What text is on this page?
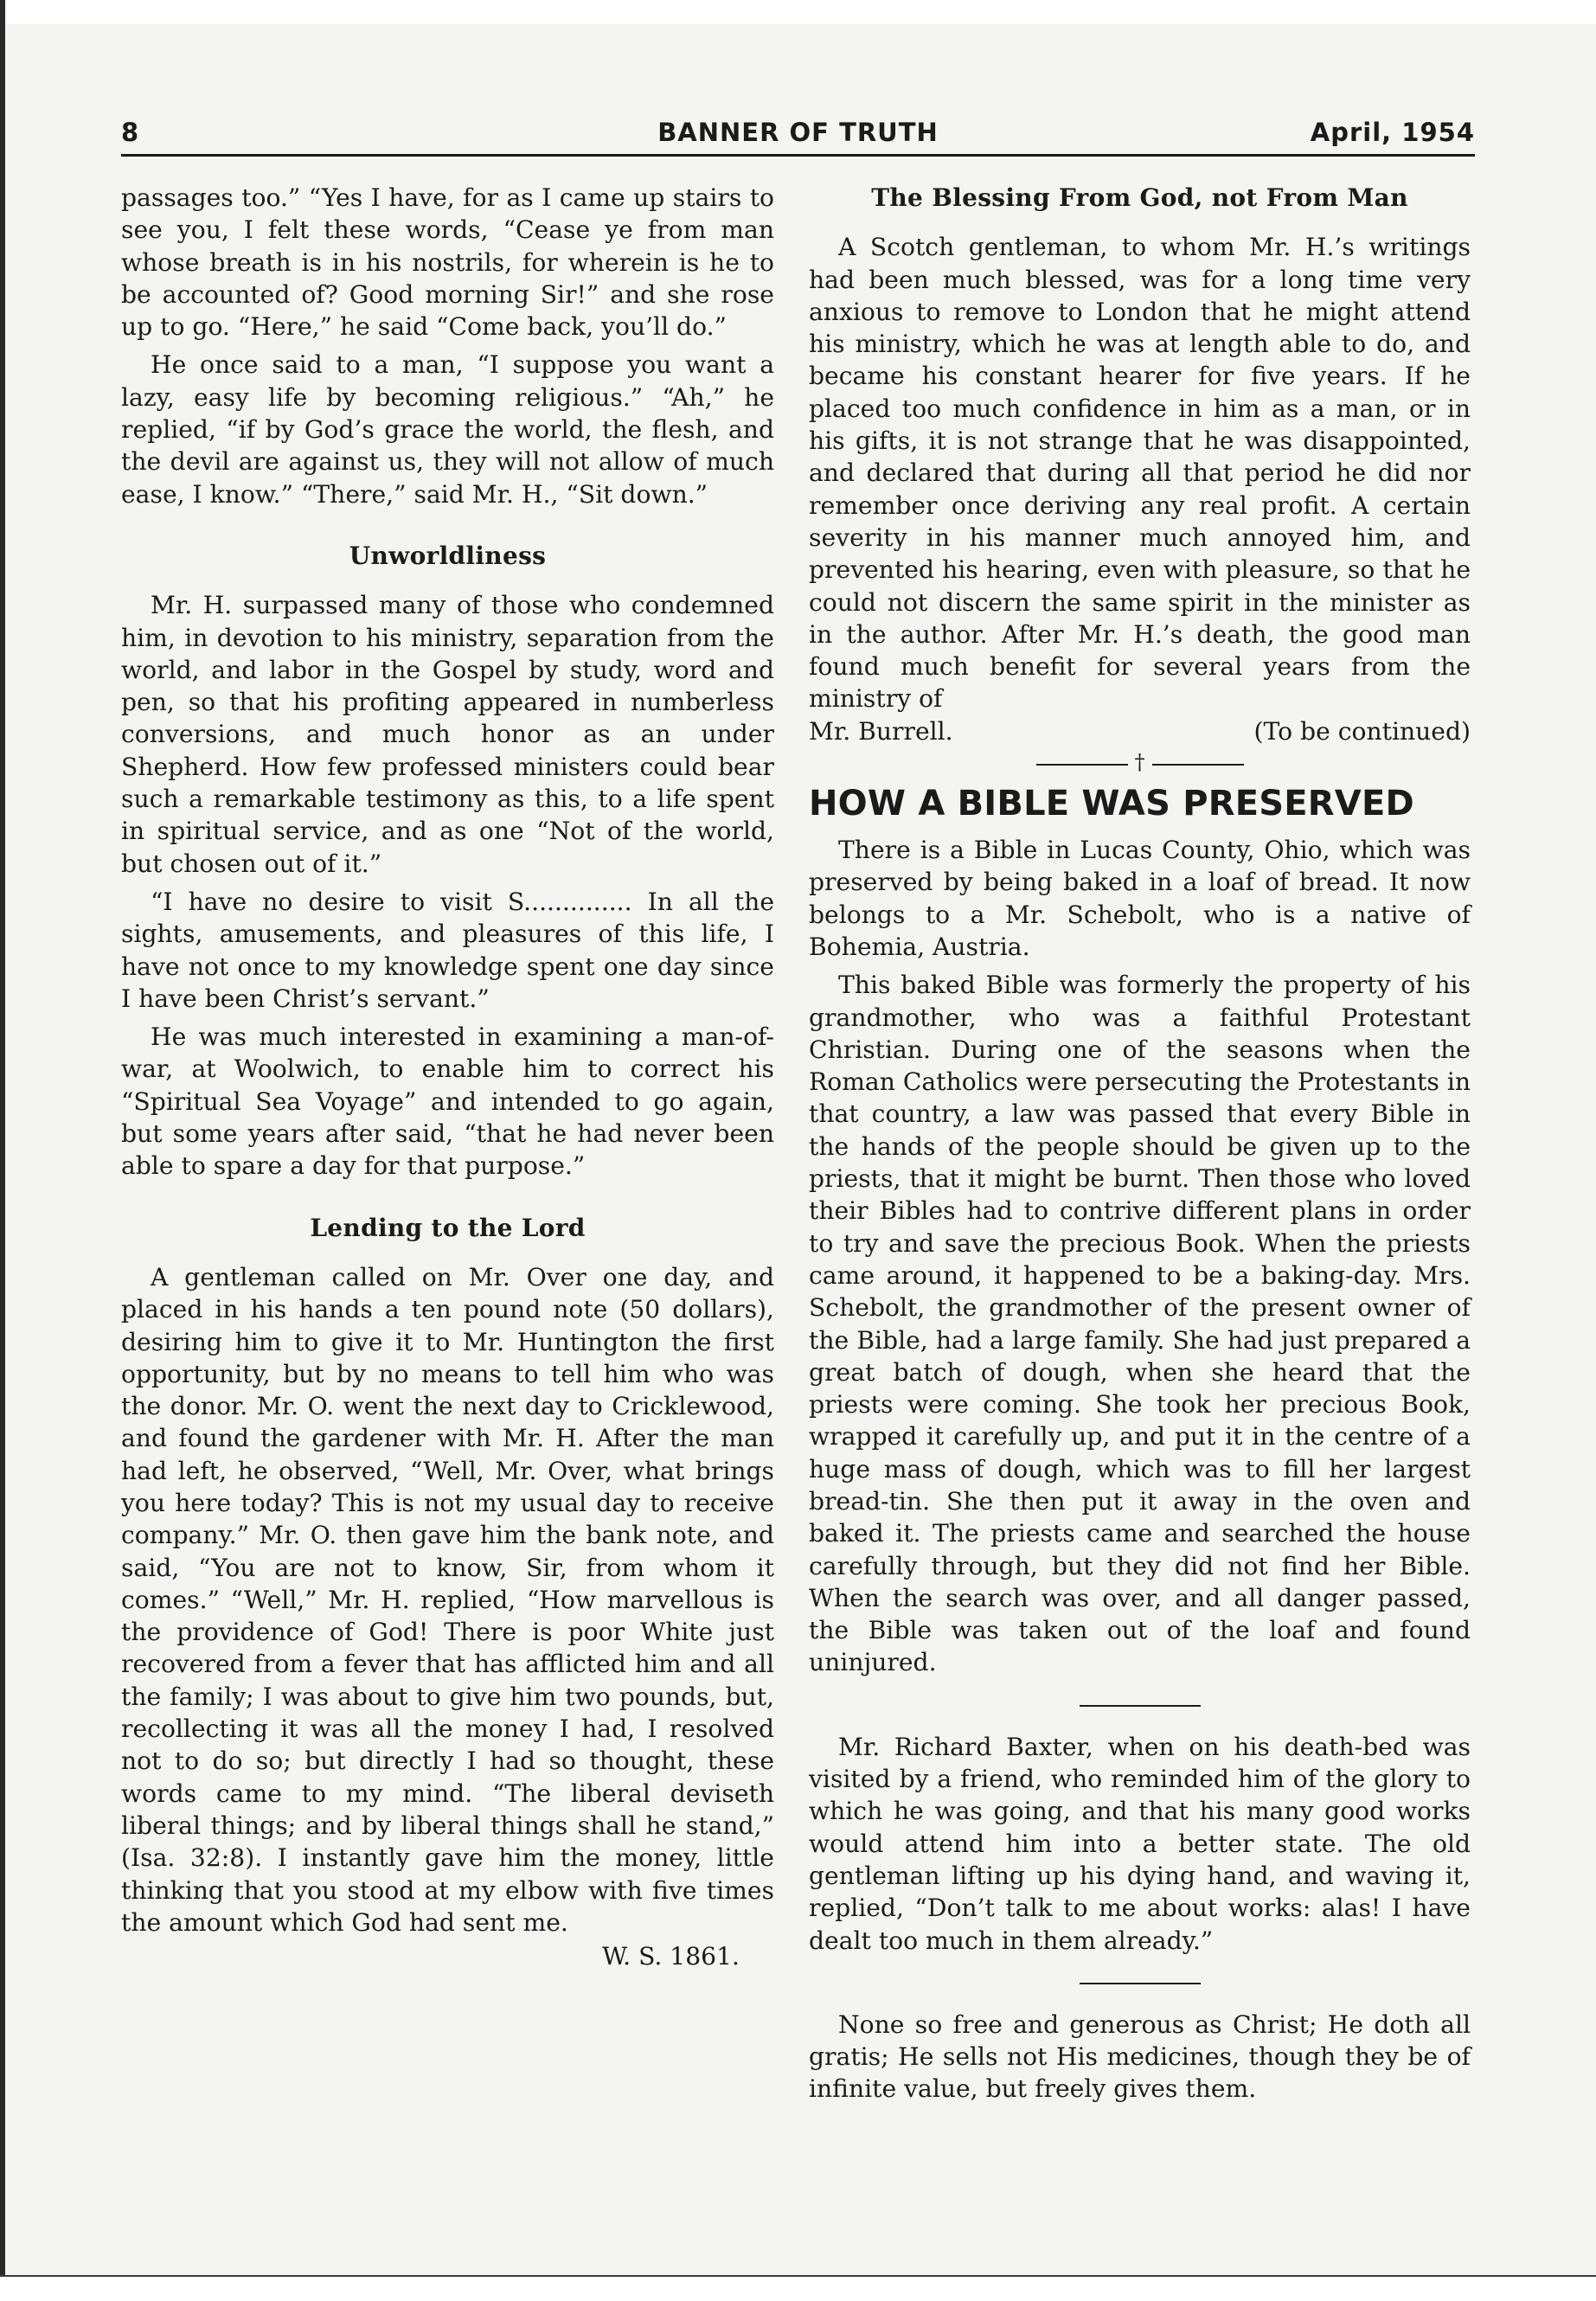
8	BANNER OF TRUTH	April, 1954

passages too.” “Yes I have, for as I came up stairs to see you, I felt these words, “Cease ye from man whose breath is in his nostrils, for wherein is he to be accounted of? Good morning Sir!” and she rose up to go. “Here,” he said “Come back, you’ll do.”

He once said to a man, “I suppose you want a lazy, easy life by becoming religious.” “Ah,” he replied, “if by God’s grace the world, the flesh, and the devil are against us, they will not allow of much ease, I know.” “There,” said Mr. H., “Sit down.”

Unworldliness

Mr. H. surpassed many of those who condemned him, in devotion to his ministry, separation from the world, and labor in the Gospel by study, word and pen, so that his profiting appeared in numberless conversions, and much honor as an under Shepherd. How few professed ministers could bear such a remarkable testimony as this, to a life spent in spiritual service, and as one “Not of the world, but chosen out of it.”

“I have no desire to visit S.............. In all the sights, amusements, and pleasures of this life, I have not once to my knowledge spent one day since I have been Christ’s servant.”

He was much interested in examining a man-of-war, at Woolwich, to enable him to correct his “Spiritual Sea Voyage” and intended to go again, but some years after said, “that he had never been able to spare a day for that purpose.”

Lending to the Lord

A gentleman called on Mr. Over one day, and placed in his hands a ten pound note (50 dollars), desiring him to give it to Mr. Huntington the first opportunity, but by no means to tell him who was the donor. Mr. O. went the next day to Cricklewood, and found the gardener with Mr. H. After the man had left, he observed, “Well, Mr. Over, what brings you here today? This is not my usual day to receive company.” Mr. O. then gave him the bank note, and said, “You are not to know, Sir, from whom it comes.” “Well,” Mr. H. replied, “How marvellous is the providence of God! There is poor White just recovered from a fever that has afflicted him and all the family; I was about to give him two pounds, but, recollecting it was all the money I had, I resolved not to do so; but directly I had so thought, these words came to my mind. “The liberal deviseth liberal things; and by liberal things shall he stand,” (Isa. 32:8). I instantly gave him the money, little thinking that you stood at my elbow with five times the amount which God had sent me.

W. S. 1861.
The Blessing From God, not From Man

A Scotch gentleman, to whom Mr. H.’s writings had been much blessed, was for a long time very anxious to remove to London that he might attend his ministry, which he was at length able to do, and became his constant hearer for five years. If he placed too much confidence in him as a man, or in his gifts, it is not strange that he was disappointed, and declared that during all that period he did nor remember once deriving any real profit. A certain severity in his manner much annoyed him, and prevented his hearing, even with pleasure, so that he could not discern the same spirit in the minister as in the author. After Mr. H.’s death, the good man found much benefit for several years from the ministry of

Mr. Burrell.	(To be continued)
†
HOW A BIBLE WAS PRESERVED

There is a Bible in Lucas County, Ohio, which was preserved by being baked in a loaf of bread. It now belongs to a Mr. Schebolt, who is a native of Bohemia, Austria.

This baked Bible was formerly the property of his grandmother, who was a faithful Protestant Christian. During one of the seasons when the Roman Catholics were persecuting the Protestants in that country, a law was passed that every Bible in the hands of the people should be given up to the priests, that it might be burnt. Then those who loved their Bibles had to contrive different plans in order to try and save the precious Book. When the priests came around, it happened to be a baking-day. Mrs. Schebolt, the grandmother of the present owner of the Bible, had a large family. She had just prepared a great batch of dough, when she heard that the priests were coming. She took her precious Book, wrapped it carefully up, and put it in the centre of a huge mass of dough, which was to fill her largest bread-tin. She then put it away in the oven and baked it. The priests came and searched the house carefully through, but they did not find her Bible. When the search was over, and all danger passed, the Bible was taken out of the loaf and found uninjured.

Mr. Richard Baxter, when on his death-bed was visited by a friend, who reminded him of the glory to which he was going, and that his many good works would attend him into a better state. The old gentleman lifting up his dying hand, and waving it, replied, “Don’t talk to me about works: alas! I have dealt too much in them already.”

None so free and generous as Christ; He doth all gratis; He sells not His medicines, though they be of infinite value, but freely gives them.
